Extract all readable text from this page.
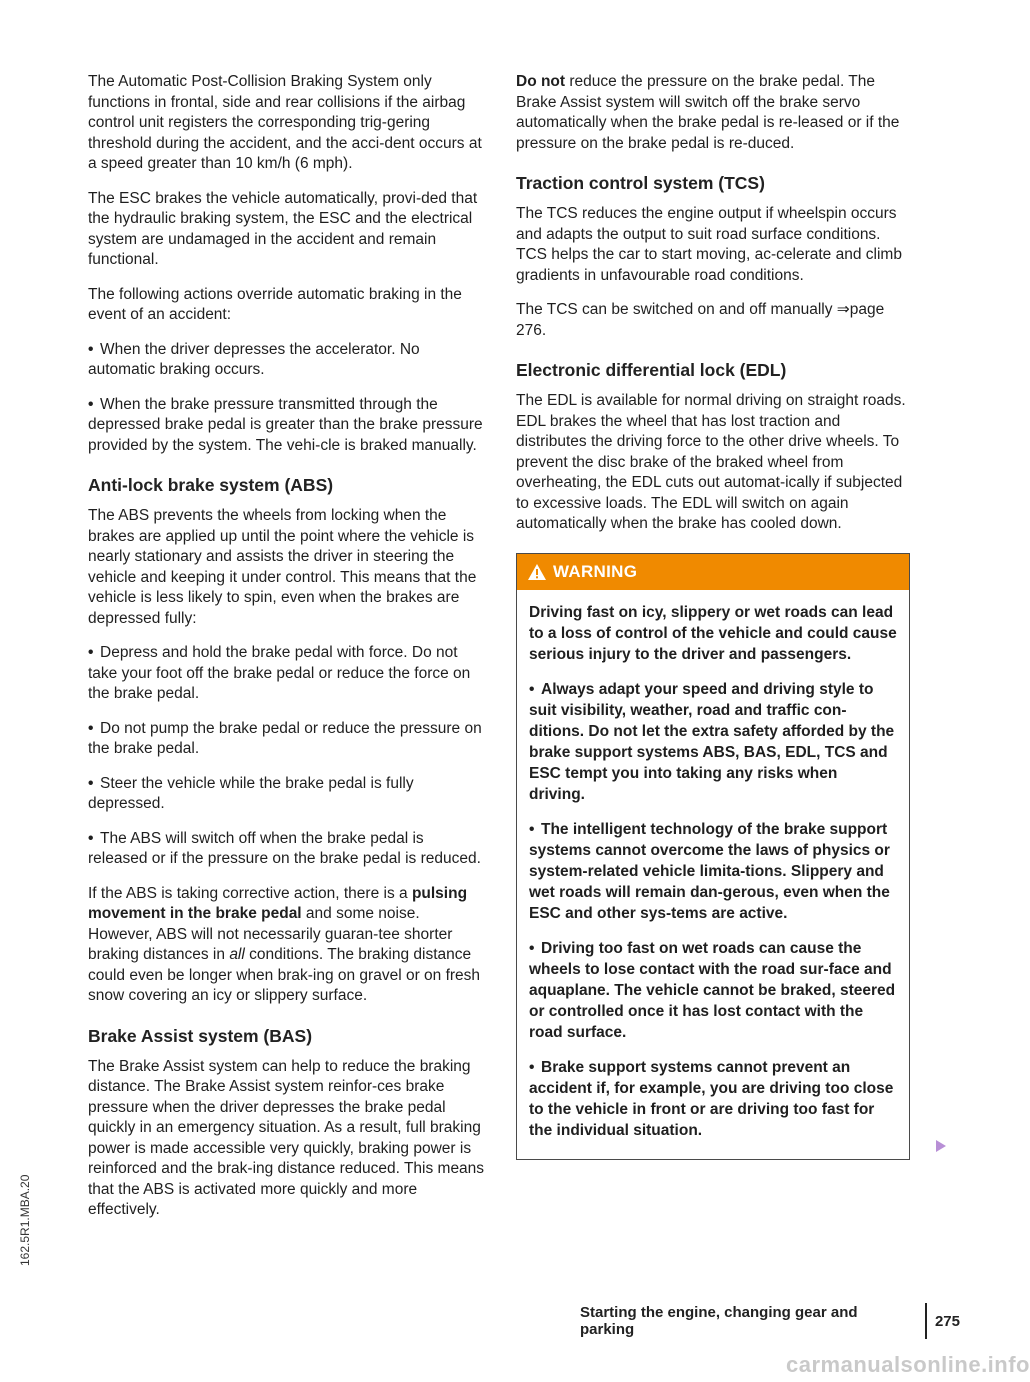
162.5R1.MBA.20

The Automatic Post-Collision Braking System only functions in frontal, side and rear collisions if the airbag control unit registers the corresponding trig-gering threshold during the accident, and the acci-dent occurs at a speed greater than 10 km/h (6 mph).

The ESC brakes the vehicle automatically, provi-ded that the hydraulic braking system, the ESC and the electrical system are undamaged in the accident and remain functional.

The following actions override automatic braking in the event of an accident:

• When the driver depresses the accelerator. No automatic braking occurs.

• When the brake pressure transmitted through the depressed brake pedal is greater than the brake pressure provided by the system. The vehi-cle is braked manually.

Anti-lock brake system (ABS)

The ABS prevents the wheels from locking when the brakes are applied up until the point where the vehicle is nearly stationary and assists the driver in steering the vehicle and keeping it under control. This means that the vehicle is less likely to spin, even when the brakes are depressed fully:

• Depress and hold the brake pedal with force. Do not take your foot off the brake pedal or reduce the force on the brake pedal.

• Do not pump the brake pedal or reduce the pressure on the brake pedal.

• Steer the vehicle while the brake pedal is fully depressed.

• The ABS will switch off when the brake pedal is released or if the pressure on the brake pedal is reduced.

If the ABS is taking corrective action, there is a pulsing movement in the brake pedal and some noise. However, ABS will not necessarily guaran-tee shorter braking distances in all conditions. The braking distance could even be longer when brak-ing on gravel or on fresh snow covering an icy or slippery surface.

Brake Assist system (BAS)

The Brake Assist system can help to reduce the braking distance. The Brake Assist system reinfor-ces brake pressure when the driver depresses the brake pedal quickly in an emergency situation. As a result, full braking power is made accessible very quickly, braking power is reinforced and the brak-ing distance reduced. This means that the ABS is activated more quickly and more effectively.

Do not reduce the pressure on the brake pedal. The Brake Assist system will switch off the brake servo automatically when the brake pedal is re-leased or if the pressure on the brake pedal is re-duced.

Traction control system (TCS)

The TCS reduces the engine output if wheelspin occurs and adapts the output to suit road surface conditions. TCS helps the car to start moving, ac-celerate and climb gradients in unfavourable road conditions.

The TCS can be switched on and off manually ⇒page 276.

Electronic differential lock (EDL)

The EDL is available for normal driving on straight roads. EDL brakes the wheel that has lost traction and distributes the driving force to the other drive wheels. To prevent the disc brake of the braked wheel from overheating, the EDL cuts out automat-ically if subjected to excessive loads. The EDL will switch on again automatically when the brake has cooled down.

WARNING

Driving fast on icy, slippery or wet roads can lead to a loss of control of the vehicle and could cause serious injury to the driver and passengers.

• Always adapt your speed and driving style to suit visibility, weather, road and traffic con-ditions. Do not let the extra safety afforded by the brake support systems ABS, BAS, EDL, TCS and ESC tempt you into taking any risks when driving.

• The intelligent technology of the brake support systems cannot overcome the laws of physics or system-related vehicle limita-tions. Slippery and wet roads will remain dan-gerous, even when the ESC and other sys-tems are active.

• Driving too fast on wet roads can cause the wheels to lose contact with the road sur-face and aquaplane. The vehicle cannot be braked, steered or controlled once it has lost contact with the road surface.

• Brake support systems cannot prevent an accident if, for example, you are driving too close to the vehicle in front or are driving too fast for the individual situation.

Starting the engine, changing gear and parking	275
carmanualsonline.info
